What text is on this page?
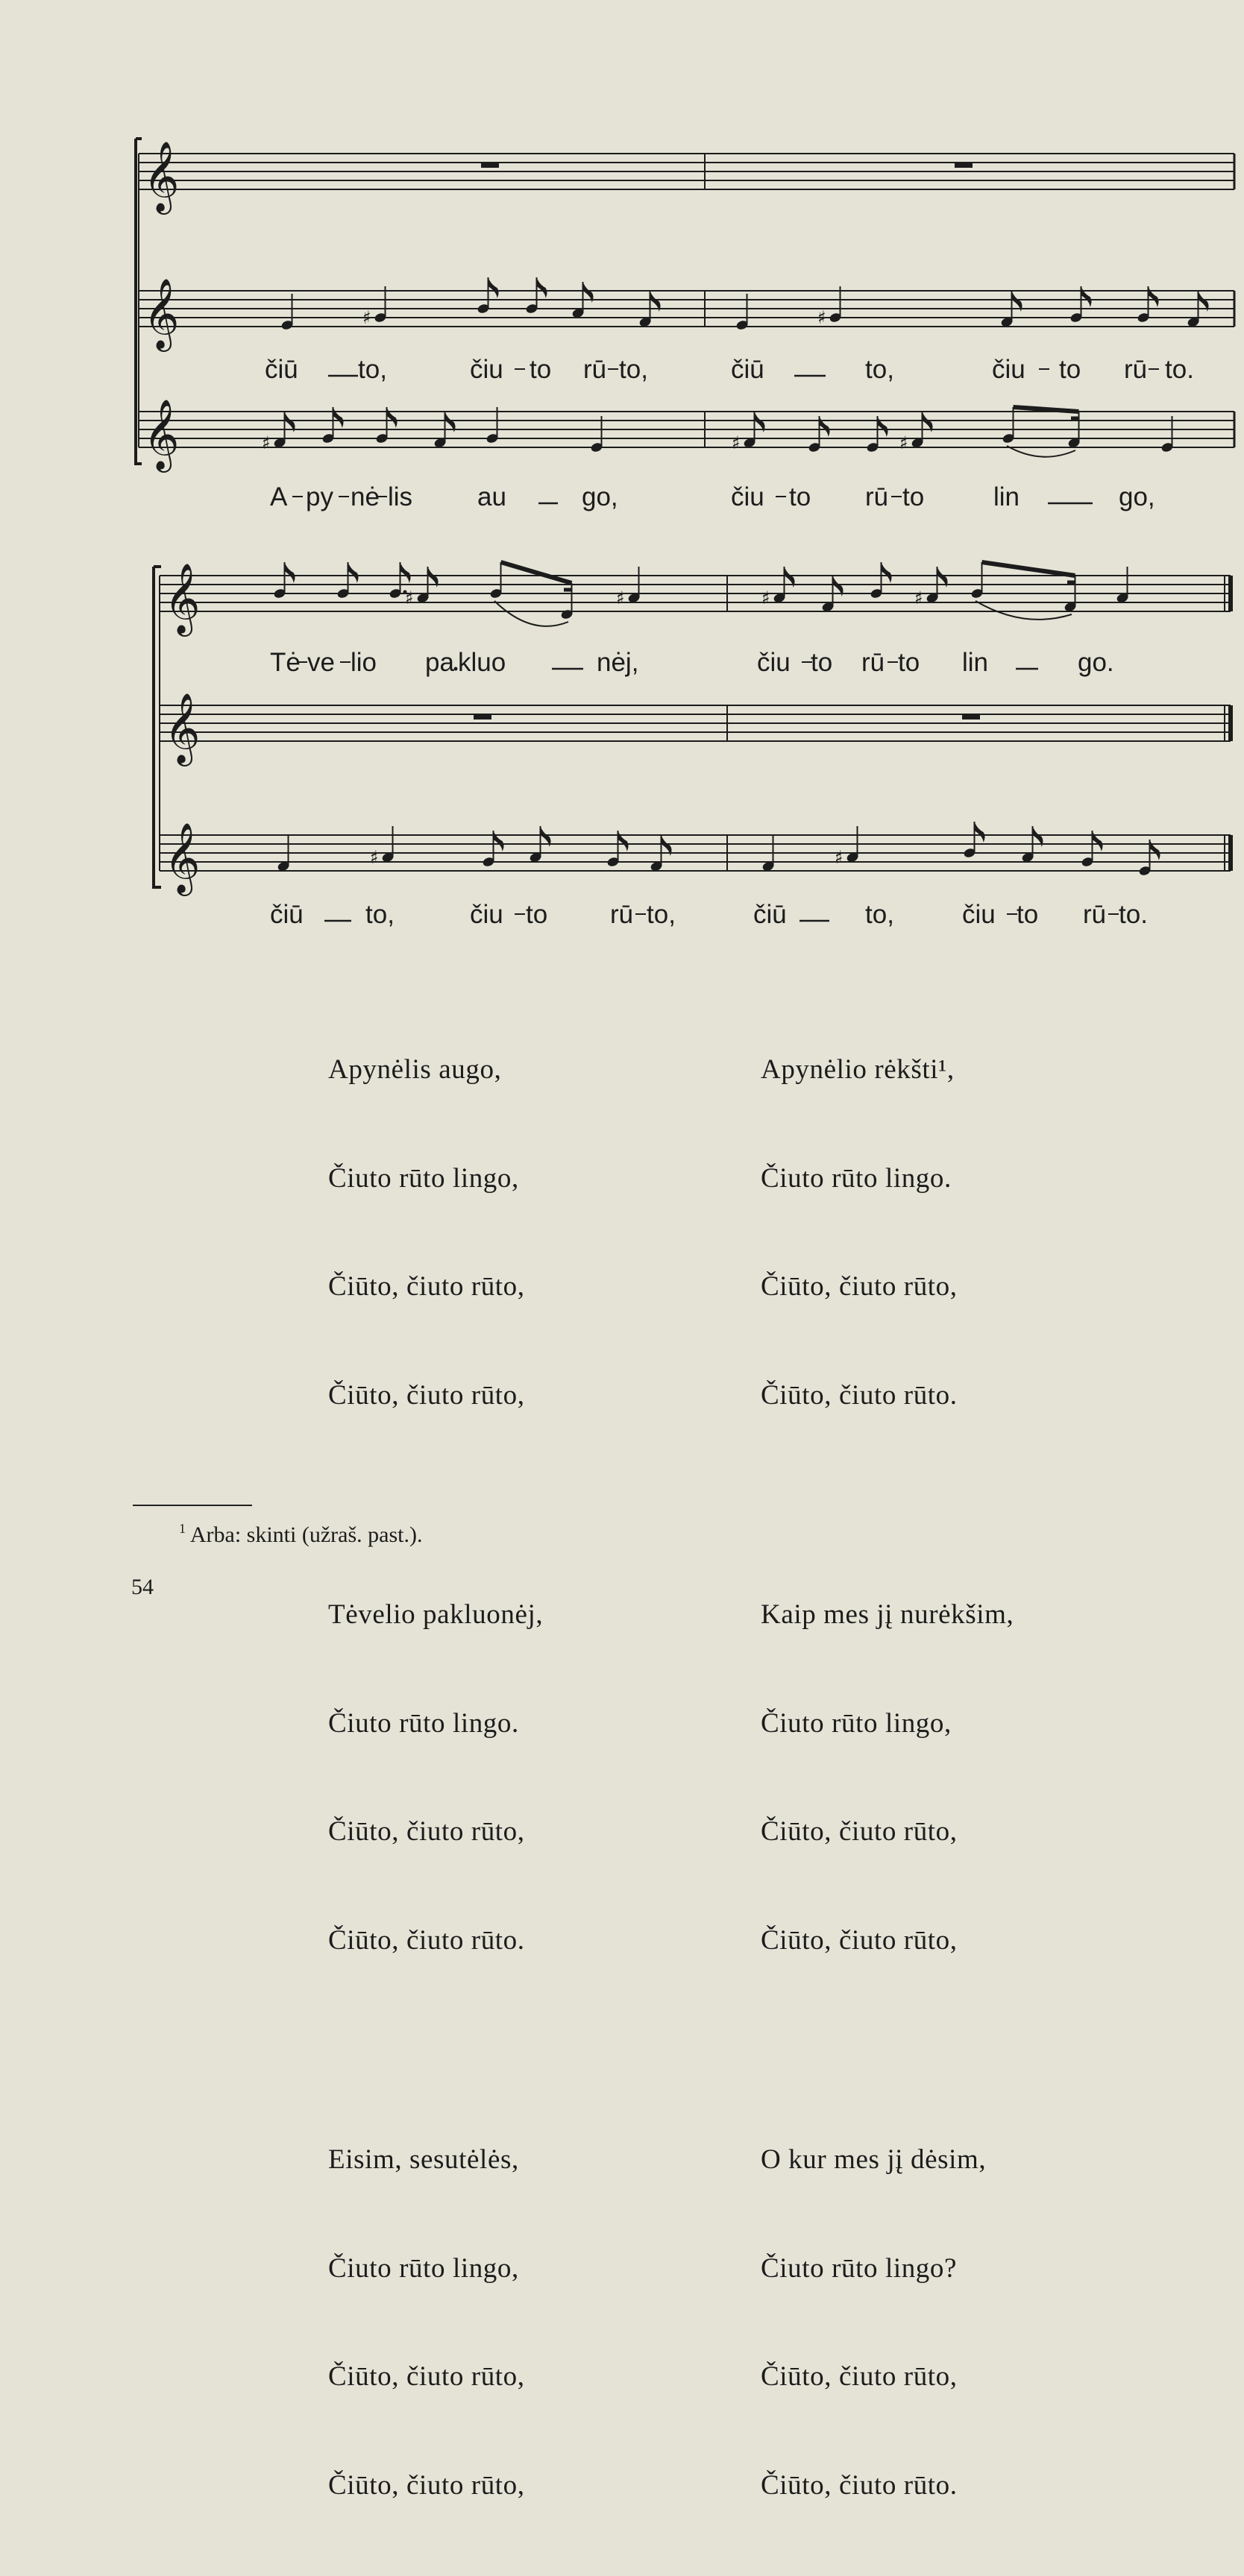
𝄞
𝄞
𝄞
♯	♯
♯	♯	♯
𝄞
𝄞
𝄞
♯	♯	♯	♯
♯	♯
čiū to,	čiu to rū to,	čiū	to,	čiu to rū to.
A py nė lis au	go,	čiu to rū to	lin	go,
Tė ve lio pa kluo	nėj,	čiu to rū to lin	go.
čiū to,	čiu to rū to,	čiū	to,	čiu to rū to.

Apynėlis augo,

Čiuto rūto lingo,

Čiūto, čiuto rūto,

Čiūto, čiuto rūto,

Tėvelio pakluonėj,

Čiuto rūto lingo.

Čiūto, čiuto rūto,

Čiūto, čiuto rūto.

Eisim, sesutėlės,

Čiuto rūto lingo,

Čiūto, čiuto rūto,

Čiūto, čiuto rūto,

Apynėlio rėkšti¹,

Čiuto rūto lingo.

Čiūto, čiuto rūto,

Čiūto, čiuto rūto.

Kaip mes jį nurėkšim,

Čiuto rūto lingo,

Čiūto, čiuto rūto,

Čiūto, čiuto rūto,

O kur mes jį dėsim,

Čiuto rūto lingo?

Čiūto, čiuto rūto,

Čiūto, čiuto rūto.

$^1$ Arba: skinti (užraš. past.).
54
